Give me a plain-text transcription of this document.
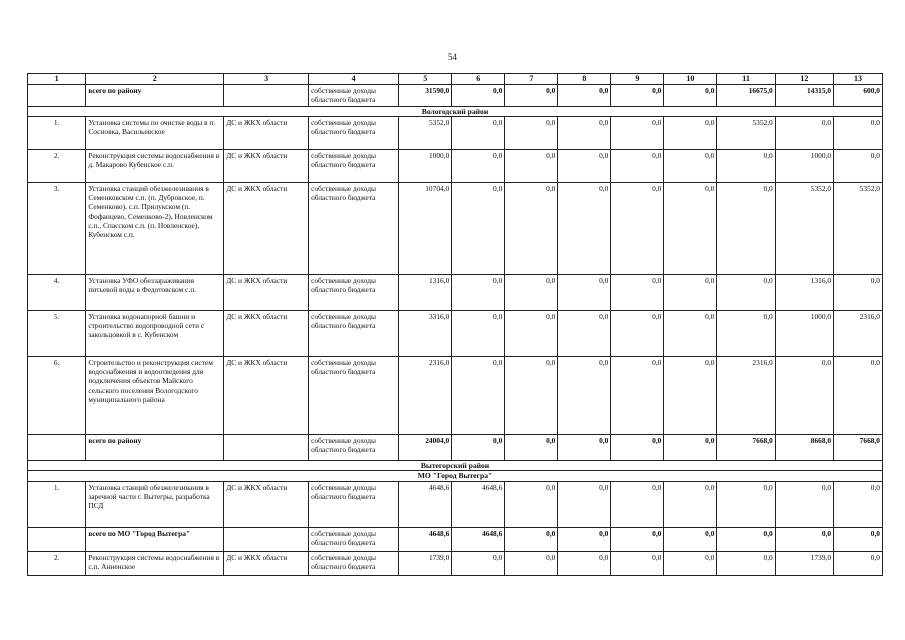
54
1	2	3	4	5	6	7	8	9	10	11	12	13
	всего по району		собственные доходы областного бюджета	31590,0	0,0	0,0	0,0	0,0	0,0	16675,0	14315,0	600,0
Вологодский район												
1.	Установка системы по очистке воды в п. Сосновка, Васильевское	ДС и ЖКХ области	собственные доходы областного бюджета	5352,0	0,0	0,0	0,0	0,0	0,0	5352,0	0,0	0,0
2.	Реконструкция системы водоснабжения в д. Макарово Кубенское с.п.	ДС и ЖКХ области	собственные доходы областного бюджета	1000,0	0,0	0,0	0,0	0,0	0,0	0,0	1000,0	0,0
3.	Установка станций обезжелезивания в Семенковском с.п. (п. Дубровское, п. Семенково), с.п. Прилукском (п. Фофанцево, Семенково-2), Новленском с.п., Спасском с.п. (п. Новленское), Кубенском с.п.	ДС и ЖКХ области	собственные доходы областного бюджета	10704,0	0,0	0,0	0,0	0,0	0,0	0,0	5352,0	5352,0
4.	Установка УФО обеззараживания питьевой воды в Федотовском с.п.	ДС и ЖКХ области	собственные доходы областного бюджета	1316,0	0,0	0,0	0,0	0,0	0,0	0,0	1316,0	0,0
5.	Установка водонапорной башни и строительство водопроводной сети с закольцовкой в с. Кубенском	ДС и ЖКХ области	собственные доходы областного бюджета	3316,0	0,0	0,0	0,0	0,0	0,0	0,0	1000,0	2316,0
6.	Строительство и реконструкция систем водоснабжения и водоотведения для подключения объектов Майского сельского поселения Вологодского муниципального района	ДС и ЖКХ области	собственные доходы областного бюджета	2316,0	0,0	0,0	0,0	0,0	0,0	2316,0	0,0	0,0
	всего по району		собственные доходы областного бюджета	24004,0	0,0	0,0	0,0	0,0	0,0	7668,0	8668,0	7668,0
Вытегорский район												
МО "Город Вытегра"												
1.	Установка станций обезжелезивания в заречной части г. Вытегры, разработка ПСД	ДС и ЖКХ области	собственные доходы областного бюджета	4648,6	4648,6	0,0	0,0	0,0	0,0	0,0	0,0	0,0
	всего по МО "Город Вытегра"		собственные доходы областного бюджета	4648,6	4648,6	0,0	0,0	0,0	0,0	0,0	0,0	0,0
2.	Реконструкция системы водоснабжения в с.п. Анненское	ДС и ЖКХ области	собственные доходы областного бюджета	1739,0	0,0	0,0	0,0	0,0	0,0	0,0	1739,0	0,0
